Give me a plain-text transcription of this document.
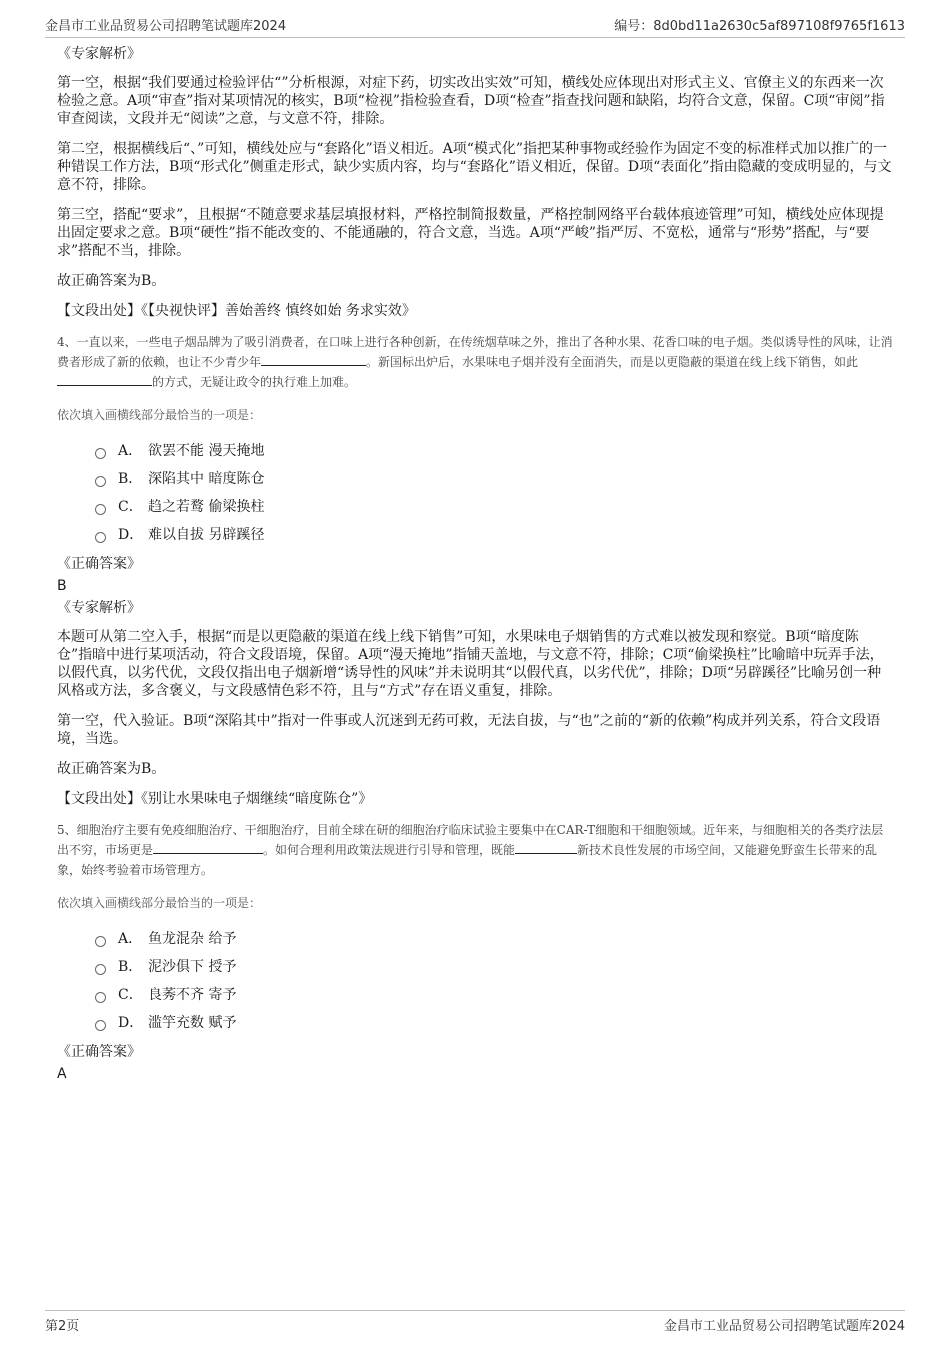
金昌市工业品贸易公司招聘笔试题库2024	编号：8d0bd11a2630c5af897108f9765f1613
《专家解析》

第一空，根据“我们要通过检验评估“”分析根源，对症下药，切实改出实效”可知，横线处应体现出对形式主义、官僚主义的东西来一次检验之意。A项“审查”指对某项情况的核实，B项“检视”指检验查看，D项“检查”指查找问题和缺陷，均符合文意，保留。C项“审阅”指审查阅读，文段并无“阅读”之意，与文意不符，排除。

第二空，根据横线后“、”可知，横线处应与“套路化”语义相近。A项“模式化”指把某种事物或经验作为固定不变的标准样式加以推广的一种错误工作方法，B项“形式化”侧重走形式，缺少实质内容，均与“套路化”语义相近，保留。D项“表面化”指由隐藏的变成明显的，与文意不符，排除。

第三空，搭配“要求”，且根据“不随意要求基层填报材料，严格控制简报数量，严格控制网络平台载体痕迹管理”可知，横线处应体现提出固定要求之意。B项“硬性”指不能改变的、不能通融的，符合文意，当选。A项“严峻”指严厉、不宽松，通常与“形势”搭配，与“要求”搭配不当，排除。

故正确答案为B。

【文段出处】《【央视快评】善始善终 慎终如始 务求实效》

4、一直以来，一些电子烟品牌为了吸引消费者，在口味上进行各种创新，在传统烟草味之外，推出了各种水果、花香口味的电子烟。类似诱导性的风味，让消费者形成了新的依赖，也让不少青少年	。新国标出炉后，水果味电子烟并没有全面消失，而是以更隐蔽的渠道在线上线下销售，如此的方式，无疑让政令的执行难上加难。
依次填入画横线部分最恰当的一项是：
A． 欲罢不能 漫天掩地
B． 深陷其中 暗度陈仓
C． 趋之若鹜 偷梁换柱
D． 难以自拔 另辟蹊径
《正确答案》
B
《专家解析》

本题可从第二空入手，根据“而是以更隐蔽的渠道在线上线下销售”可知，水果味电子烟销售的方式难以被发现和察觉。B项“暗度陈仓”指暗中进行某项活动，符合文段语境，保留。A项“漫天掩地”指铺天盖地，与文意不符，排除；C项“偷梁换柱”比喻暗中玩弄手法，以假代真，以劣代优，文段仅指出电子烟新增“诱导性的风味”并未说明其“以假代真，以劣代优”，排除；D项“另辟蹊径”比喻另创一种风格或方法，多含褒义，与文段感情色彩不符，且与“方式”存在语义重复，排除。

第一空，代入验证。B项“深陷其中”指对一件事或人沉迷到无药可救，无法自拔，与“也”之前的“新的依赖”构成并列关系，符合文段语境，当选。

故正确答案为B。

【文段出处】《别让水果味电子烟继续“暗度陈仓”》

5、细胞治疗主要有免疫细胞治疗、干细胞治疗，目前全球在研的细胞治疗临床试验主要集中在CAR-T细胞和干细胞领域。近年来，与细胞相关的各类疗法层出不穷，市场更是	。如何合理利用政策法规进行引导和管理，既能	新技术良性发展的市场空间，又能避免野蛮生长带来的乱象，始终考验着市场管理方。
依次填入画横线部分最恰当的一项是：
A． 鱼龙混杂 给予
B． 泥沙俱下 授予
C． 良莠不齐 寄予
D． 滥竽充数 赋予
《正确答案》
A
第2页	金昌市工业品贸易公司招聘笔试题库2024
